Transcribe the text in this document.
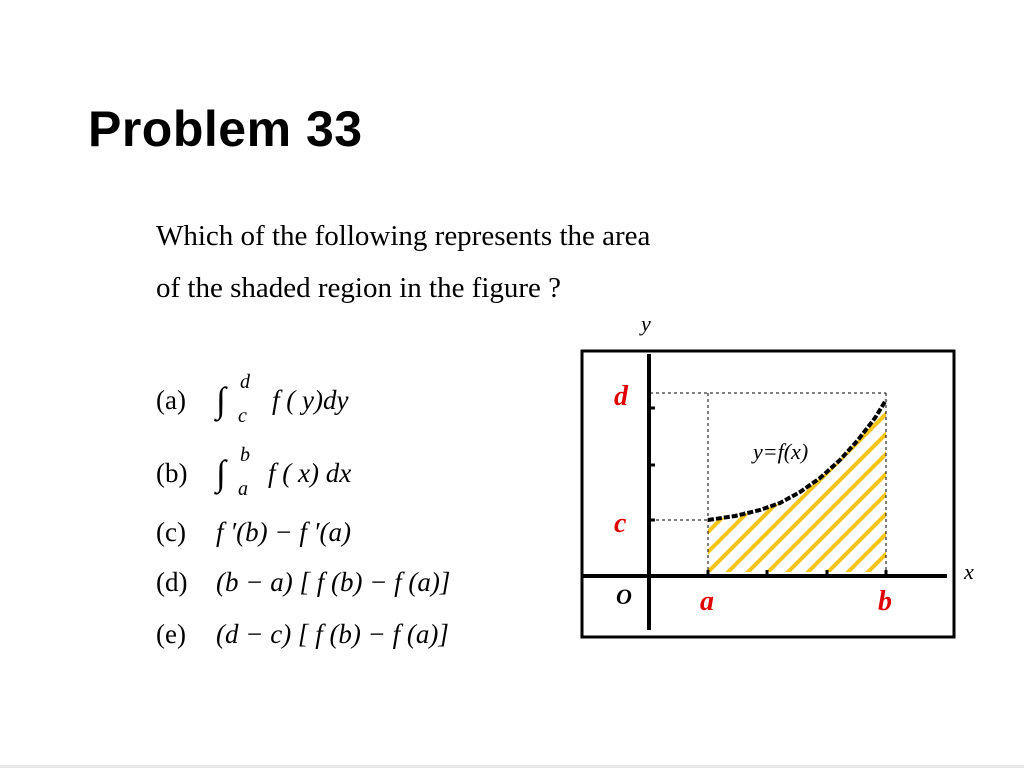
Problem 33
Which of the following represents the area
of the shaded region in the figure ?
(a) ∫ d
c
f ( y)dy
(b) ∫ b
a
f ( x) dx
(c)	f ′(b) − f ′(a)
(d)	(b − a) [ f (b) − f (a)]
(e)	(d − c) [ f (b) − f (a)]
y
x
O
y=f(x)
d
c
a	b
